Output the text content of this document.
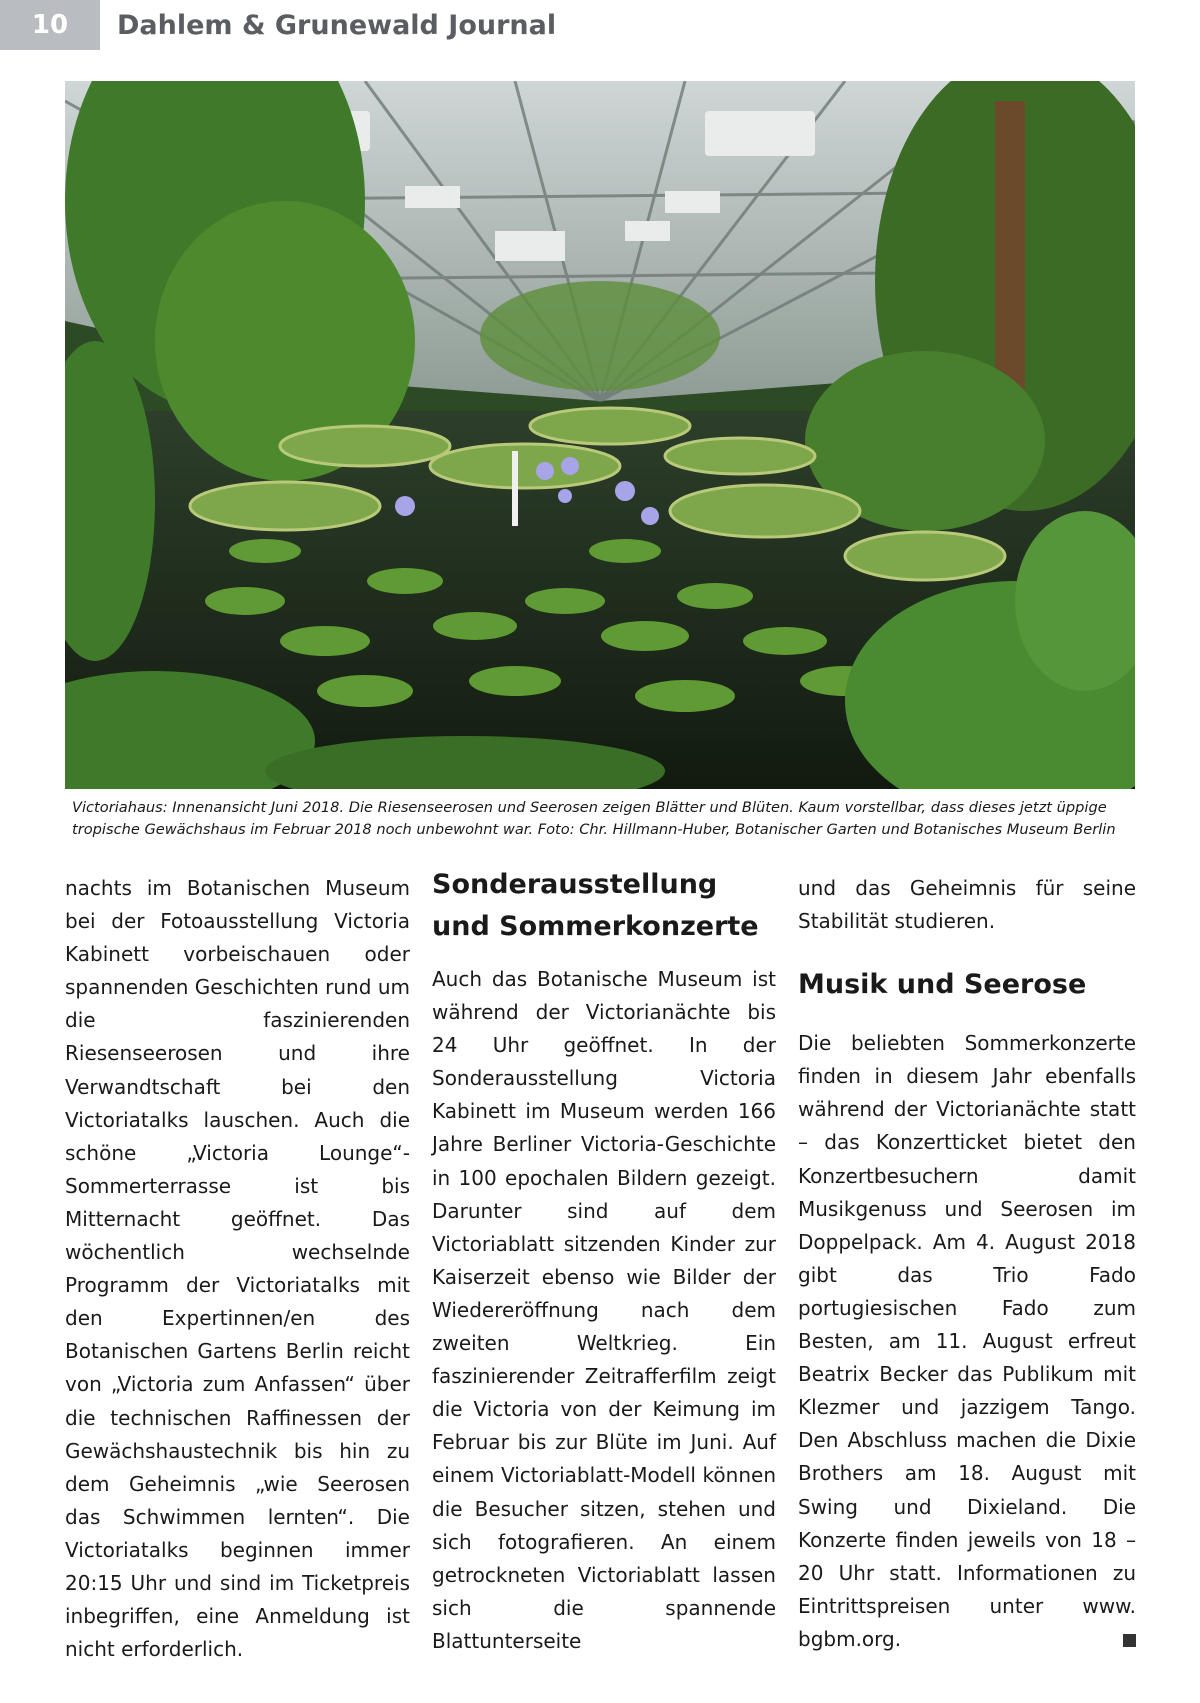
10	Dahlem & Grunewald Journal

Victoriahaus: Innenansicht Juni 2018. Die Riesenseerosen und Seerosen zeigen Blätter und Blüten. Kaum vorstellbar, dass dieses jetzt üppige tropische Gewächshaus im Februar 2018 noch unbewohnt war. Foto: Chr. Hillmann-Huber, Botanischer Garten und Botanisches Museum Berlin

nachts im Botanischen Museum bei der Fotoausstellung Victoria Kabinett vorbeischauen oder spannenden Geschichten rund um die faszinierenden Riesenseerosen und ihre Verwandtschaft bei den Victoriatalks lauschen. Auch die schöne „Victoria Lounge“-Sommerterrasse ist bis Mitternacht geöffnet. Das wöchentlich wechselnde Programm der Victoriatalks mit den Expertinnen/en des Botanischen Gartens Berlin reicht von „Victoria zum Anfassen“ über die technischen Raffinessen der Gewächshaustechnik bis hin zu dem Geheimnis „wie Seerosen das Schwimmen lernten“. Die Victoriatalks beginnen immer 20:15 Uhr und sind im Ticketpreis inbegriffen, eine Anmeldung ist nicht erforderlich.

Sonderausstellung und Sommerkonzerte

Auch das Botanische Museum ist während der Victorianächte bis 24 Uhr geöffnet. In der Sonderausstellung Victoria Kabinett im Museum werden 166 Jahre Berliner Victoria-Geschichte in 100 epochalen Bildern gezeigt. Darunter sind auf dem Victoriablatt sitzenden Kinder zur Kaiserzeit ebenso wie Bilder der Wiedereröffnung nach dem zweiten Weltkrieg. Ein faszinierender Zeitrafferfilm zeigt die Victoria von der Keimung im Februar bis zur Blüte im Juni. Auf einem Victoriablatt-Modell können die Besucher sitzen, stehen und sich fotografieren. An einem getrockneten Victoriablatt lassen sich die spannende Blattunterseite

und das Geheimnis für seine Stabilität studieren.

Musik und Seerose

Die beliebten Sommerkonzerte finden in diesem Jahr ebenfalls während der Victorianächte statt – das Konzertticket bietet den Konzertbesuchern damit Musikgenuss und Seerosen im Doppelpack. Am 4. August 2018 gibt das Trio Fado portugiesischen Fado zum Besten, am 11. August erfreut Beatrix Becker das Publikum mit Klezmer und jazzigem Tango. Den Abschluss machen die Dixie Brothers am 18. August mit Swing und Dixieland. Die Konzerte finden jeweils von 18 – 20 Uhr statt. Informationen zu Eintrittspreisen unter www. bgbm.org.
